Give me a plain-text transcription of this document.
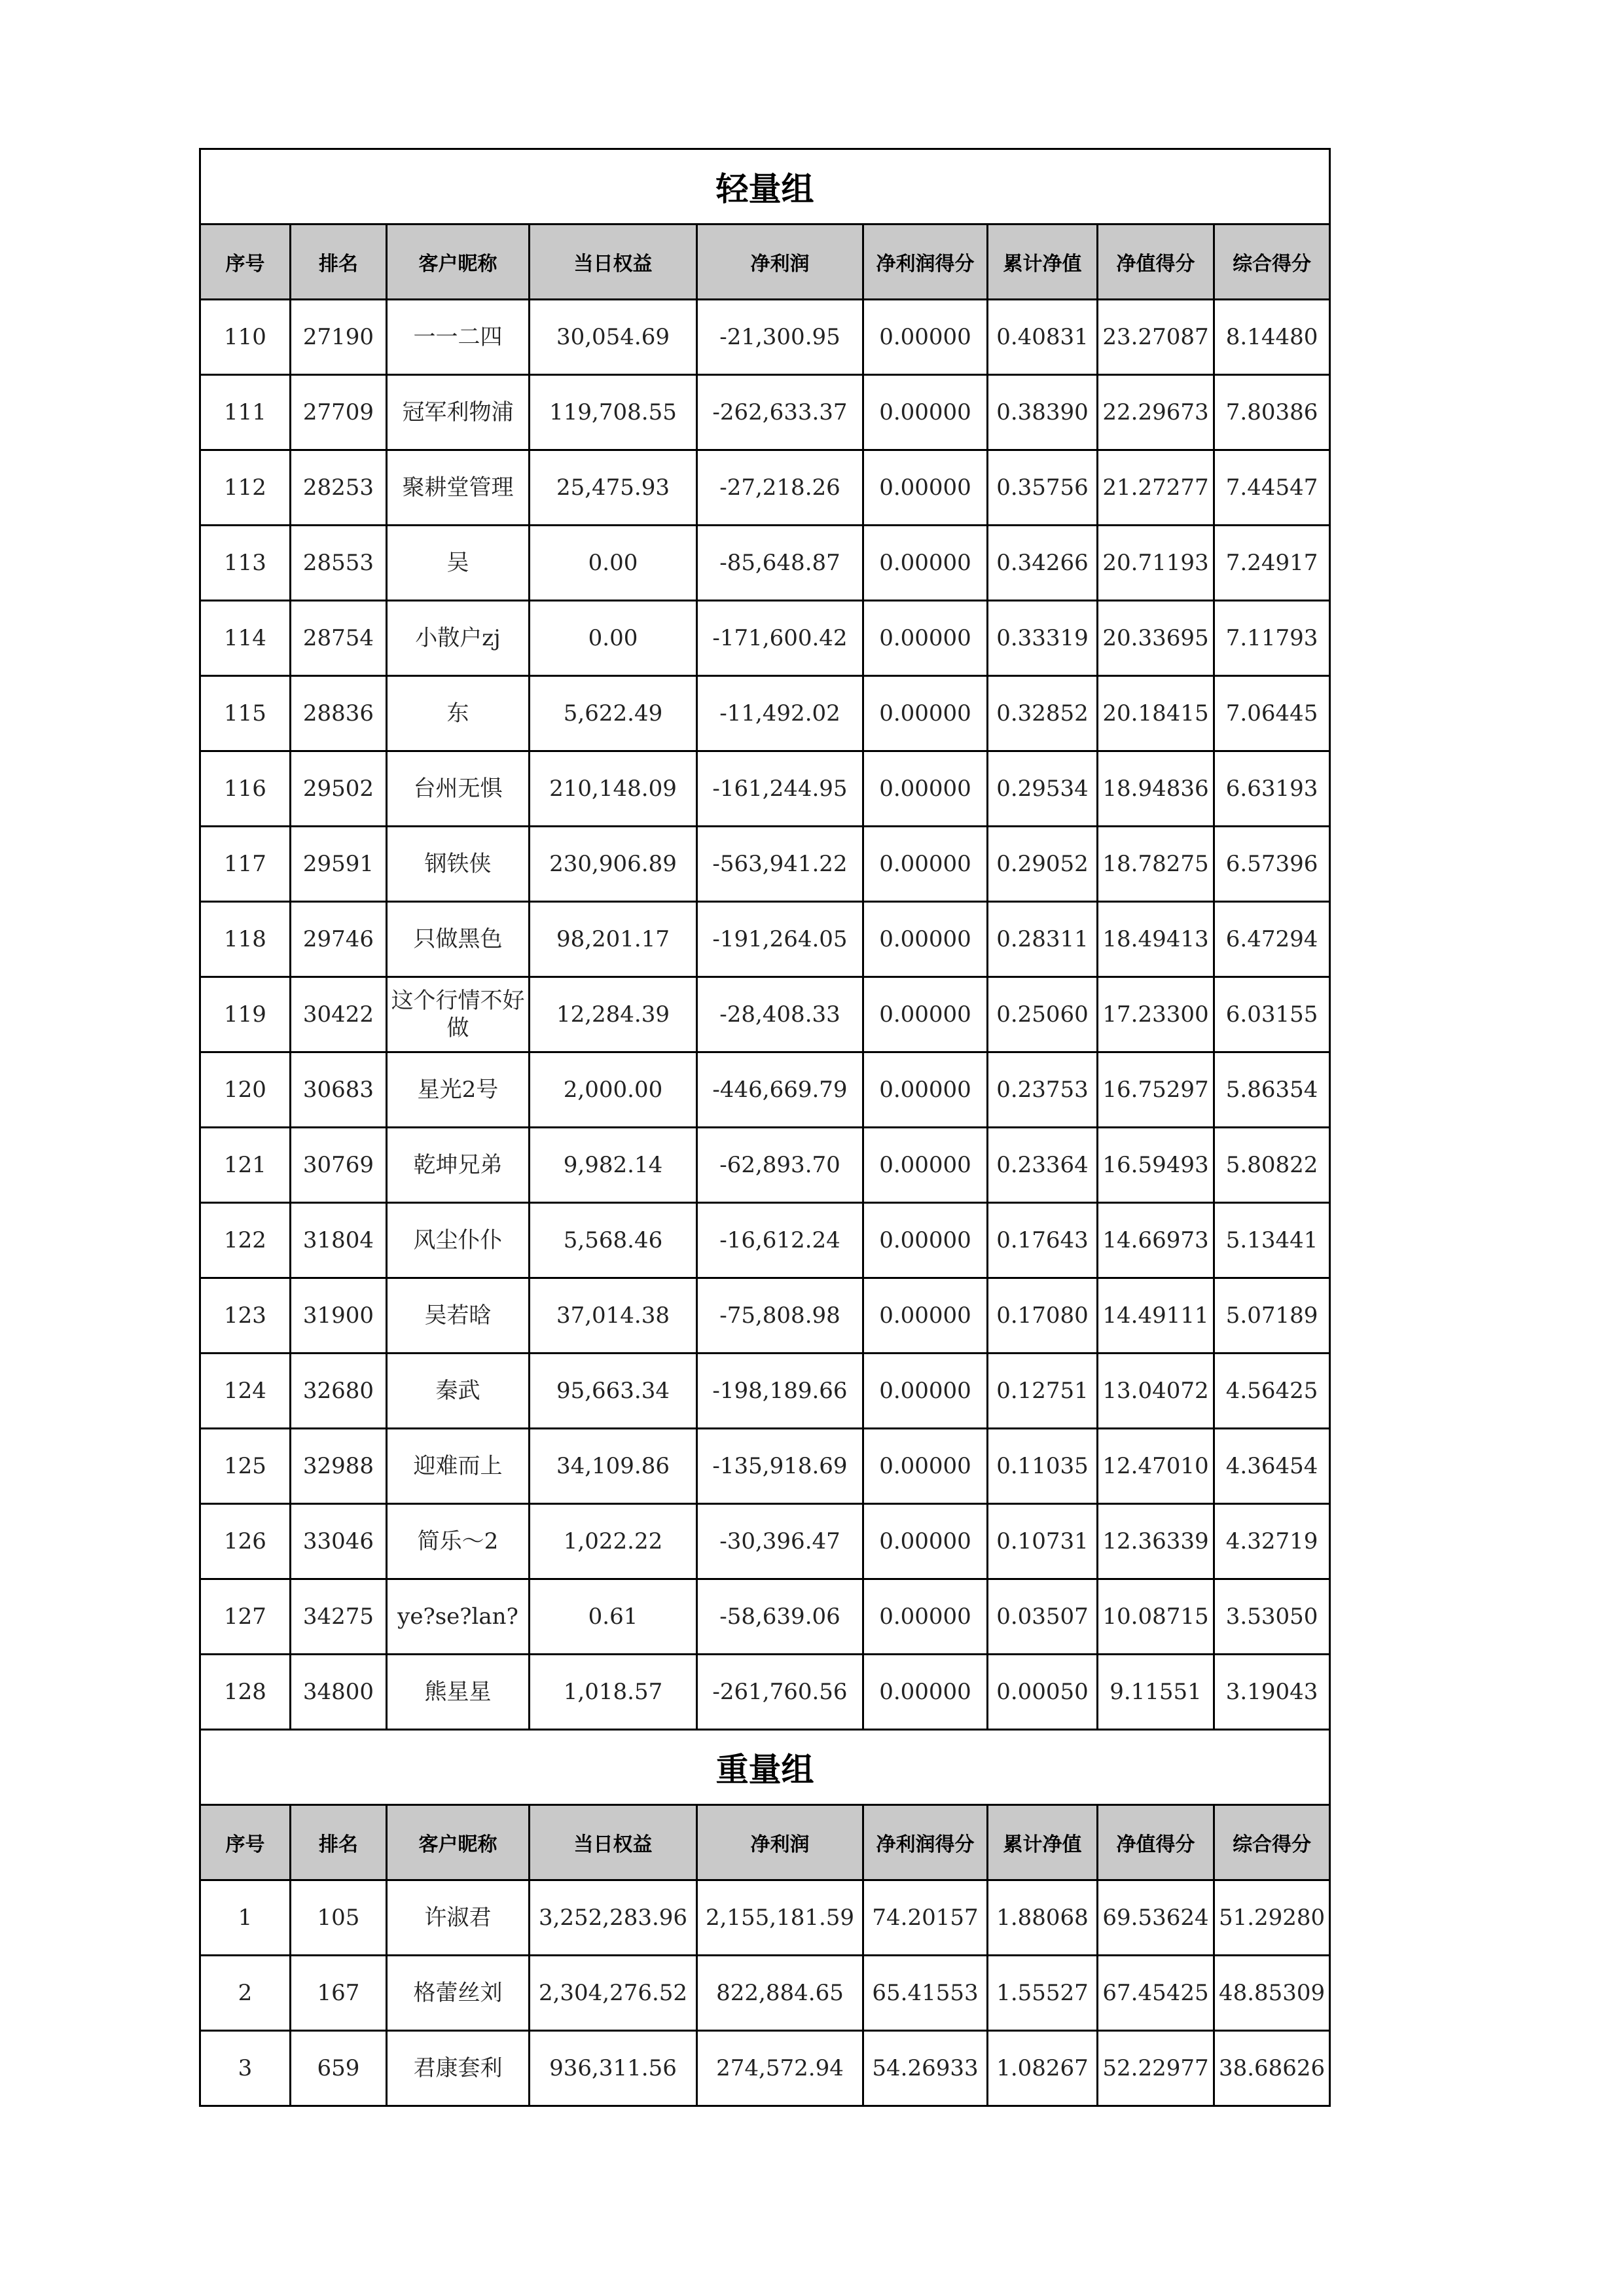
轻量组								
序号	排名	客户昵称	当日权益	净利润	净利润得分	累计净值	净值得分	综合得分
110	27190	一一二四	30,054.69	-21,300.95	0.00000	0.40831	23.27087	8.14480
111	27709	冠军利物浦	119,708.55	-262,633.37	0.00000	0.38390	22.29673	7.80386
112	28253	聚耕堂管理	25,475.93	-27,218.26	0.00000	0.35756	21.27277	7.44547
113	28553	吴	0.00	-85,648.87	0.00000	0.34266	20.71193	7.24917
114	28754	小散户zj	0.00	-171,600.42	0.00000	0.33319	20.33695	7.11793
115	28836	东	5,622.49	-11,492.02	0.00000	0.32852	20.18415	7.06445
116	29502	台州无惧	210,148.09	-161,244.95	0.00000	0.29534	18.94836	6.63193
117	29591	钢铁侠	230,906.89	-563,941.22	0.00000	0.29052	18.78275	6.57396
118	29746	只做黑色	98,201.17	-191,264.05	0.00000	0.28311	18.49413	6.47294
119	30422	这个行情不好做	12,284.39	-28,408.33	0.00000	0.25060	17.23300	6.03155
120	30683	星光2号	2,000.00	-446,669.79	0.00000	0.23753	16.75297	5.86354
121	30769	乾坤兄弟	9,982.14	-62,893.70	0.00000	0.23364	16.59493	5.80822
122	31804	风尘仆仆	5,568.46	-16,612.24	0.00000	0.17643	14.66973	5.13441
123	31900	吴若晗	37,014.38	-75,808.98	0.00000	0.17080	14.49111	5.07189
124	32680	秦武	95,663.34	-198,189.66	0.00000	0.12751	13.04072	4.56425
125	32988	迎难而上	34,109.86	-135,918.69	0.00000	0.11035	12.47010	4.36454
126	33046	简乐～2	1,022.22	-30,396.47	0.00000	0.10731	12.36339	4.32719
127	34275	ye?se?lan?	0.61	-58,639.06	0.00000	0.03507	10.08715	3.53050
128	34800	熊星星	1,018.57	-261,760.56	0.00000	0.00050	9.11551	3.19043
重量组								
序号	排名	客户昵称	当日权益	净利润	净利润得分	累计净值	净值得分	综合得分
1	105	许淑君	3,252,283.96	2,155,181.59	74.20157	1.88068	69.53624	51.29280
2	167	格蕾丝刘	2,304,276.52	822,884.65	65.41553	1.55527	67.45425	48.85309
3	659	君康套利	936,311.56	274,572.94	54.26933	1.08267	52.22977	38.68626
